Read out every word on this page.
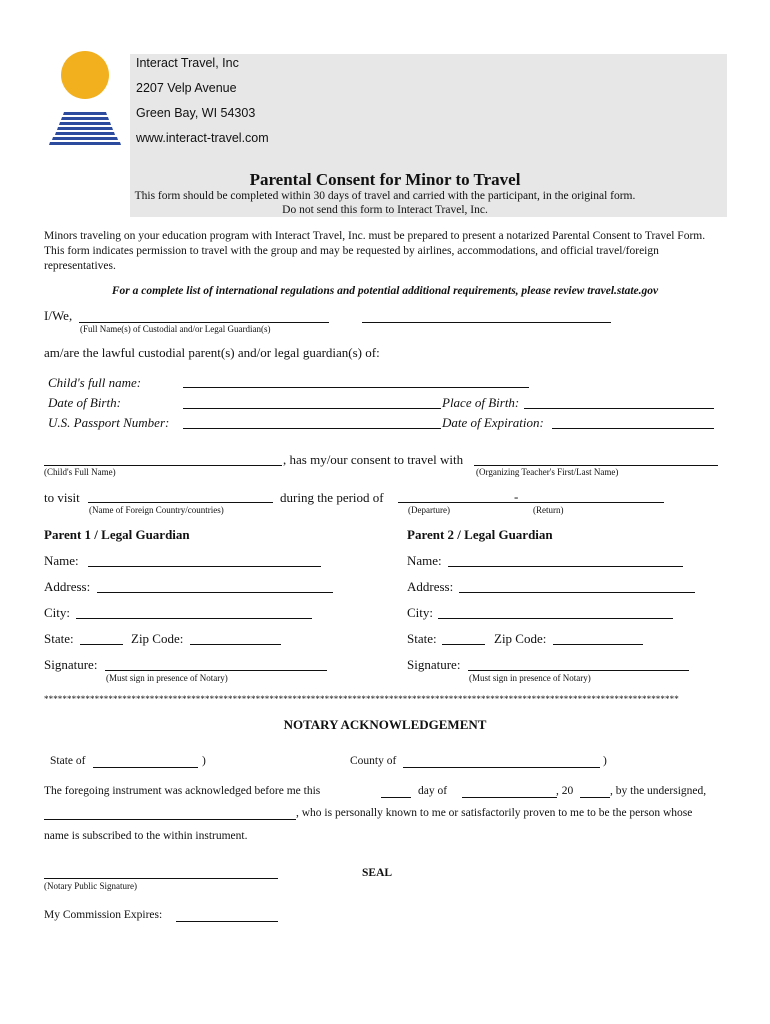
Interact Travel, Inc
2207 Velp Avenue
Green Bay, WI 54303
www.interact-travel.com
Parental Consent for Minor to Travel
This form should be completed within 30 days of travel and carried with the participant, in the original form.
Do not send this form to Interact Travel, Inc.
Minors traveling on your education program with Interact Travel, Inc. must be prepared to present a notarized Parental Consent to Travel Form. This form indicates permission to travel with the group and may be requested by airlines, accommodations, and official travel/foreign representatives.
For a complete list of international regulations and potential additional requirements, please review travel.state.gov
I/We,
(Full Name(s) of Custodial and/or Legal Guardian(s)
am/are the lawful custodial parent(s) and/or legal guardian(s) of:
Child's full name:
Date of Birth:	Place of Birth:
U.S. Passport Number:	Date of Expiration:
, has my/our consent to travel with
(Child's Full Name)	(Organizing Teacher's First/Last Name)
to visit	during the period of	-
(Name of Foreign Country/countries)	(Departure)	(Return)
Parent 1 / Legal Guardian
Name:
Address:
City:
State:	Zip Code:
Signature:
(Must sign in presence of Notary)
Parent 2 / Legal Guardian
Name:
Address:
City:
State:	Zip Code:
Signature:
(Must sign in presence of Notary)
******************************************************************************************************************************************
NOTARY ACKNOWLEDGEMENT
State of	)	County of	)
The foregoing instrument was acknowledged before me this	day of	, 20	, by the undersigned,
, who is personally known to me or satisfactorily proven to me to be the person whose
name is subscribed to the within instrument.
(Notary Public Signature)
SEAL
My Commission Expires:
